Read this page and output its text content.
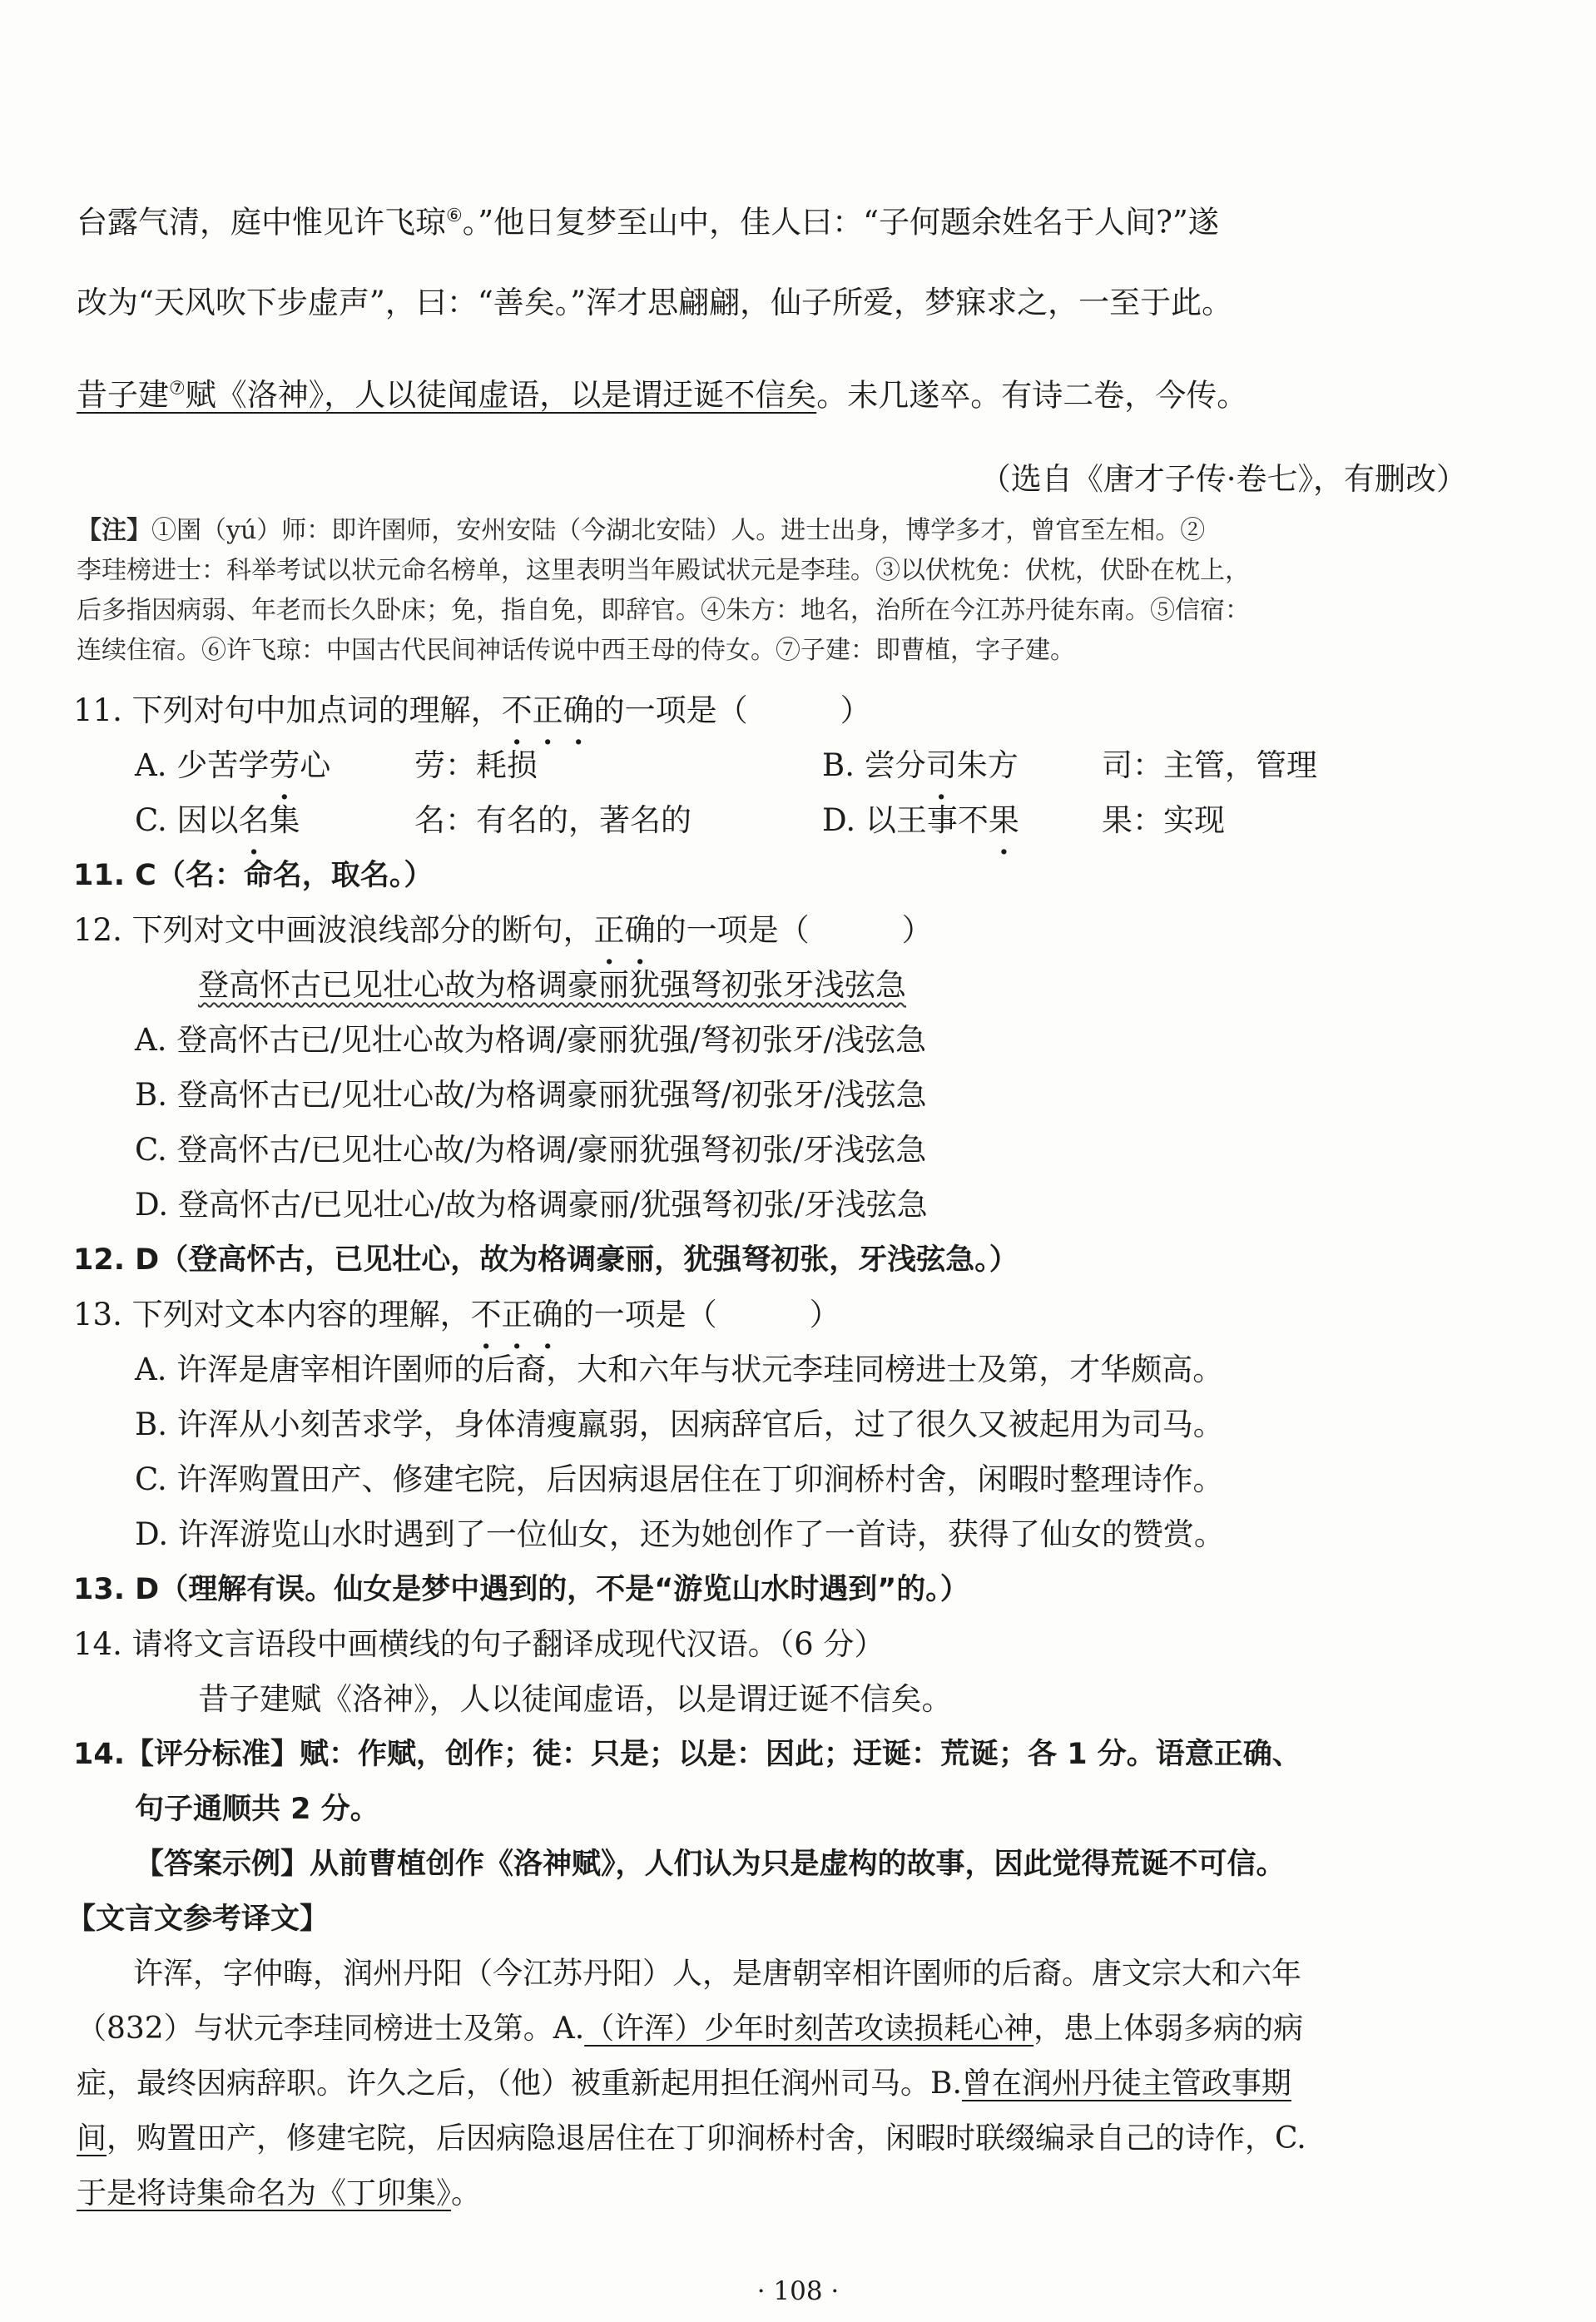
台露气清，庭中惟见许飞琼⑥。”他日复梦至山中，佳人曰：“子何题余姓名于人间?”遂
改为“天风吹下步虚声”，曰：“善矣。”浑才思翩翩，仙子所爱，梦寐求之，一至于此。
昔子建⑦赋《洛神》，人以徒闻虚语，以是谓迂诞不信矣。未几遂卒。有诗二卷，今传。
（选自《唐才子传·卷七》，有删改）
【注】①圉（yú）师：即许圉师，安州安陆（今湖北安陆）人。进士出身，博学多才，曾官至左相。②
李珪榜进士：科举考试以状元命名榜单，这里表明当年殿试状元是李珪。③以伏枕免：伏枕，伏卧在枕上，
后多指因病弱、年老而长久卧床；免，指自免，即辞官。④朱方：地名，治所在今江苏丹徒东南。⑤信宿：
连续住宿。⑥许飞琼：中国古代民间神话传说中西王母的侍女。⑦子建：即曹植，字子建。
11. 下列对句中加点词的理解，不正确的一项是（　　　）
A. 少苦学劳心	劳：耗损	B. 尝分司朱方	司：主管，管理
C. 因以名集	名：有名的，著名的	D. 以王事不果	果：实现
11. C（名：命名，取名。）
12. 下列对文中画波浪线部分的断句，正确的一项是（　　　）
登高怀古已见壮心故为格调豪丽犹强弩初张牙浅弦急
A. 登高怀古已/见壮心故为格调/豪丽犹强/弩初张牙/浅弦急
B. 登高怀古已/见壮心故/为格调豪丽犹强弩/初张牙/浅弦急
C. 登高怀古/已见壮心故/为格调/豪丽犹强弩初张/牙浅弦急
D. 登高怀古/已见壮心/故为格调豪丽/犹强弩初张/牙浅弦急
12. D（登高怀古，已见壮心，故为格调豪丽，犹强弩初张，牙浅弦急。）
13. 下列对文本内容的理解，不正确的一项是（　　　）
A. 许浑是唐宰相许圉师的后裔，大和六年与状元李珪同榜进士及第，才华颇高。
B. 许浑从小刻苦求学，身体清瘦羸弱，因病辞官后，过了很久又被起用为司马。
C. 许浑购置田产、修建宅院，后因病退居住在丁卯涧桥村舍，闲暇时整理诗作。
D. 许浑游览山水时遇到了一位仙女，还为她创作了一首诗，获得了仙女的赞赏。
13. D（理解有误。仙女是梦中遇到的，不是“游览山水时遇到”的。）
14. 请将文言语段中画横线的句子翻译成现代汉语。（6 分）
昔子建赋《洛神》，人以徒闻虚语，以是谓迂诞不信矣。
14.【评分标准】赋：作赋，创作；徒：只是；以是：因此；迂诞：荒诞；各 1 分。语意正确、
句子通顺共 2 分。
【答案示例】从前曹植创作《洛神赋》，人们认为只是虚构的故事，因此觉得荒诞不可信。
【文言文参考译文】
许浑，字仲晦，润州丹阳（今江苏丹阳）人，是唐朝宰相许圉师的后裔。唐文宗大和六年
（832）与状元李珪同榜进士及第。A.（许浑）少年时刻苦攻读损耗心神，患上体弱多病的病
症，最终因病辞职。许久之后，（他）被重新起用担任润州司马。B.曾在润州丹徒主管政事期
间，购置田产，修建宅院，后因病隐退居住在丁卯涧桥村舍，闲暇时联缀编录自己的诗作，C.
于是将诗集命名为《丁卯集》。
· 108 ·
